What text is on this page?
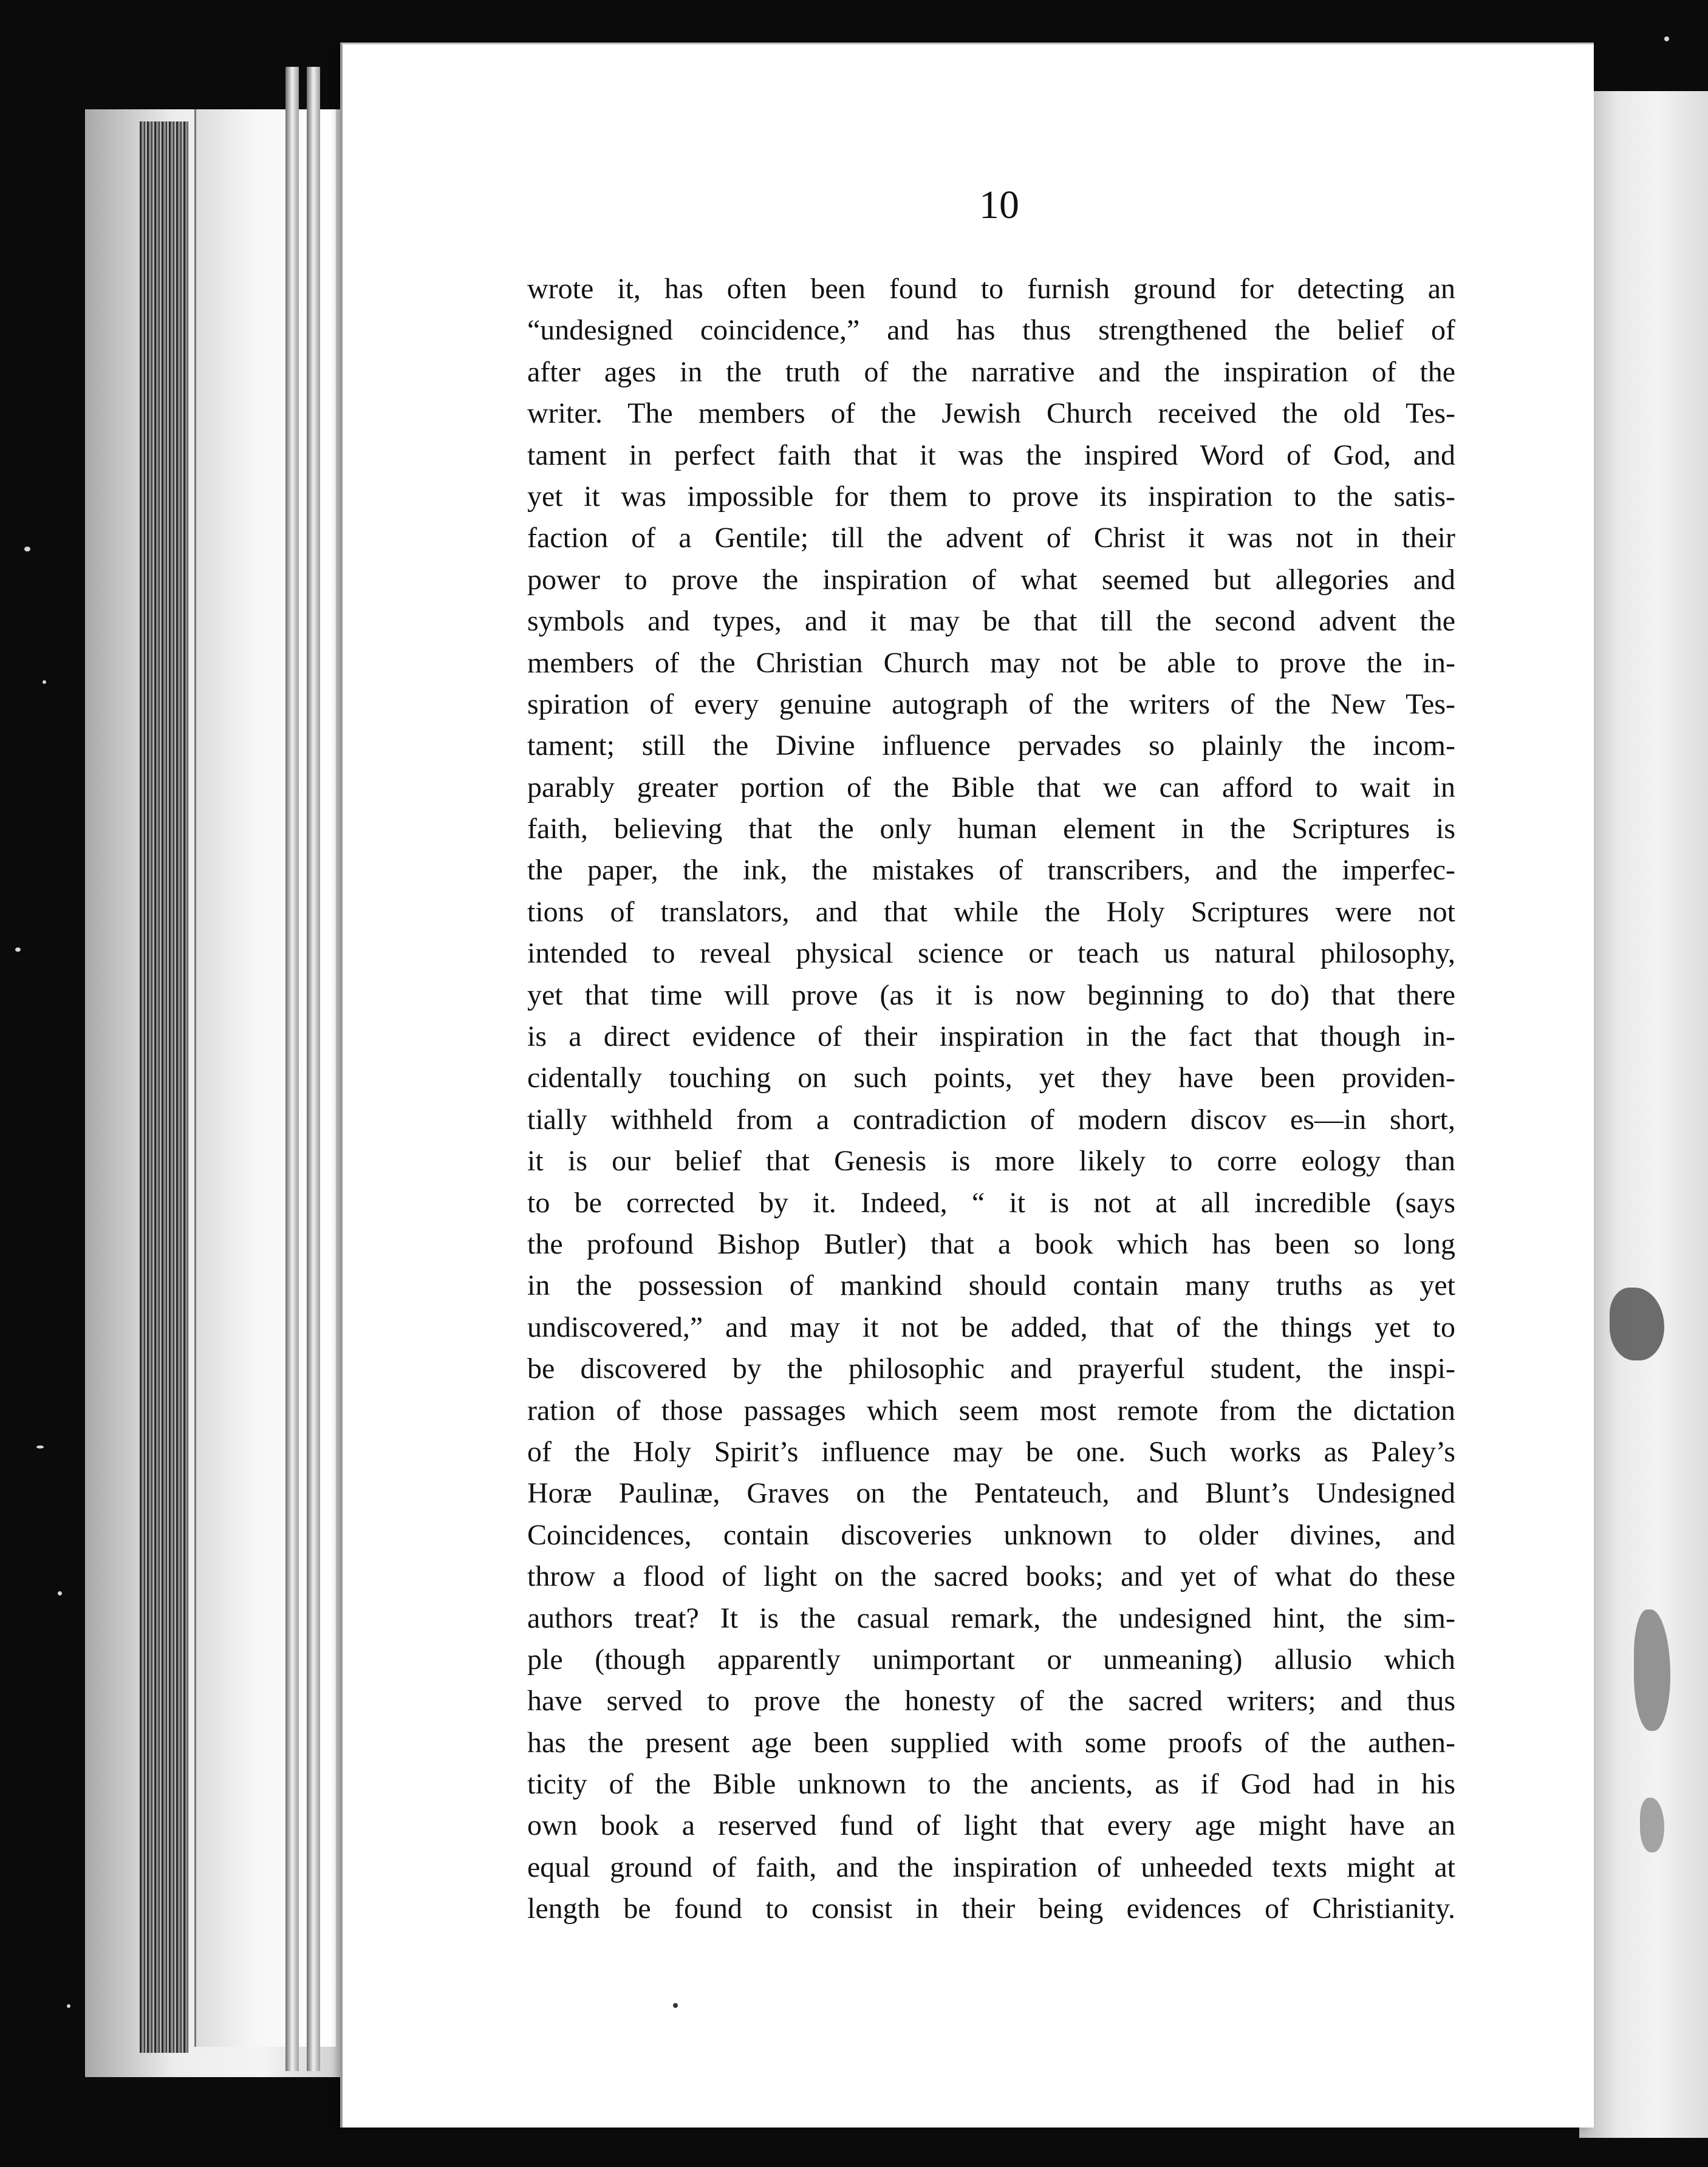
10
wrote it, has often been found to furnish ground for detecting an
“undesigned coincidence,” and has thus strengthened the belief of
after ages in the truth of the narrative and the inspiration of the
writer. The members of the Jewish Church received the old Tes-
tament in perfect faith that it was the inspired Word of God, and
yet it was impossible for them to prove its inspiration to the satis-
faction of a Gentile; till the advent of Christ it was not in their
power to prove the inspiration of what seemed but allegories and
symbols and types, and it may be that till the second advent the
members of the Christian Church may not be able to prove the in-
spiration of every genuine autograph of the writers of the New Tes-
tament; still the Divine influence pervades so plainly the incom-
parably greater portion of the Bible that we can afford to wait in
faith, believing that the only human element in the Scriptures is
the paper, the ink, the mistakes of transcribers, and the imperfec-
tions of translators, and that while the Holy Scriptures were not
intended to reveal physical science or teach us natural philosophy,
yet that time will prove (as it is now beginning to do) that there
is a direct evidence of their inspiration in the fact that though in-
cidentally touching on such points, yet they have been providen-
tially withheld from a contradiction of modern discov es—in short,
it is our belief that Genesis is more likely to corre eology than
to be corrected by it. Indeed, “ it is not at all incredible (says
the profound Bishop Butler) that a book which has been so long
in the possession of mankind should contain many truths as yet
undiscovered,” and may it not be added, that of the things yet to
be discovered by the philosophic and prayerful student, the inspi-
ration of those passages which seem most remote from the dictation
of the Holy Spirit’s influence may be one. Such works as Paley’s
Horæ Paulinæ, Graves on the Pentateuch, and Blunt’s Undesigned
Coincidences, contain discoveries unknown to older divines, and
throw a flood of light on the sacred books; and yet of what do these
authors treat? It is the casual remark, the undesigned hint, the sim-
ple (though apparently unimportant or unmeaning) allusio which
have served to prove the honesty of the sacred writers; and thus
has the present age been supplied with some proofs of the authen-
ticity of the Bible unknown to the ancients, as if God had in his
own book a reserved fund of light that every age might have an
equal ground of faith, and the inspiration of unheeded texts might at
length be found to consist in their being evidences of Christianity.
